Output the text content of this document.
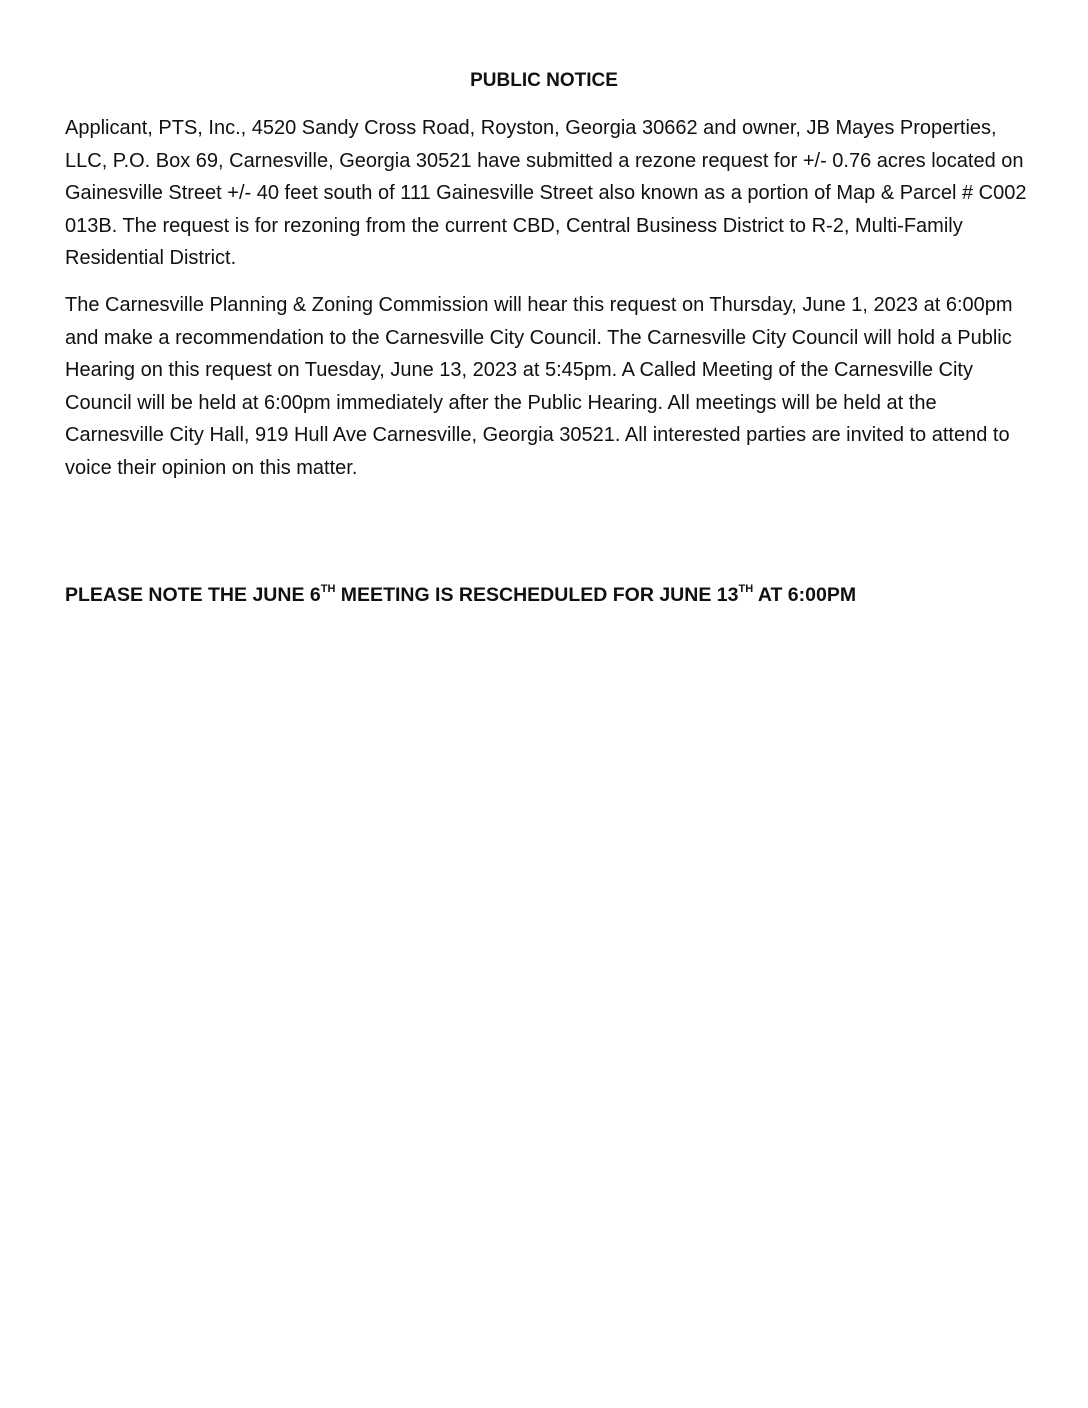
PUBLIC NOTICE

Applicant, PTS, Inc., 4520 Sandy Cross Road, Royston, Georgia 30662 and owner, JB Mayes Properties, LLC, P.O. Box 69, Carnesville, Georgia 30521 have submitted a rezone request for +/- 0.76 acres located on Gainesville Street +/- 40 feet south of 111 Gainesville Street also known as a portion of Map & Parcel # C002 013B. The request is for rezoning from the current CBD, Central Business District to R-2, Multi-Family Residential District.

The Carnesville Planning & Zoning Commission will hear this request on Thursday, June 1, 2023 at 6:00pm and make a recommendation to the Carnesville City Council. The Carnesville City Council will hold a Public Hearing on this request on Tuesday, June 13, 2023 at 5:45pm. A Called Meeting of the Carnesville City Council will be held at 6:00pm immediately after the Public Hearing. All meetings will be held at the Carnesville City Hall, 919 Hull Ave Carnesville, Georgia 30521. All interested parties are invited to attend to voice their opinion on this matter.

PLEASE NOTE THE JUNE 6TH MEETING IS RESCHEDULED FOR JUNE 13TH AT 6:00PM
